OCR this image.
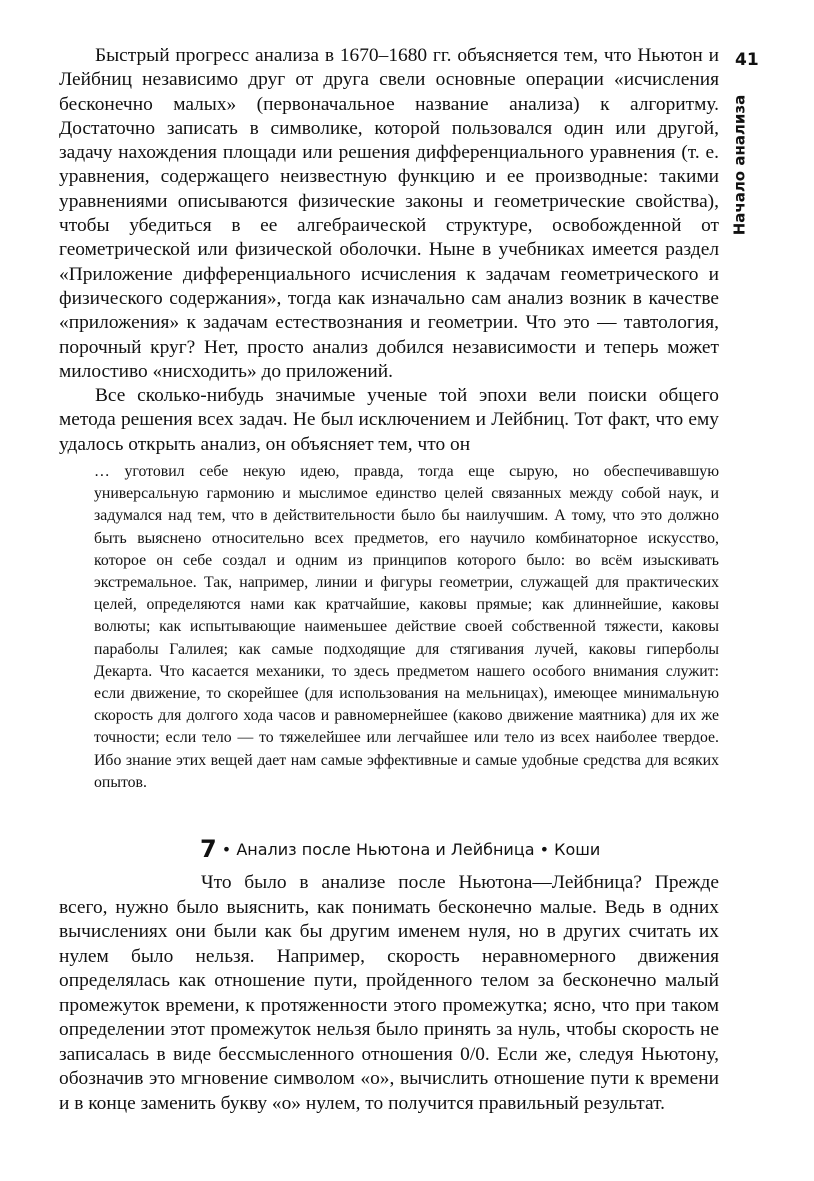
41
Начало анализа

Быстрый прогресс анализа в 1670–1680 гг. объясняется тем, что Ньютон и Лейбниц независимо друг от друга свели основные операции «исчисления бесконечно малых» (первоначальное название анализа) к алгоритму. Достаточно записать в символике, которой пользовался один или другой, задачу нахождения площади или решения дифференциального уравнения (т. е. уравнения, содержащего неизвестную функцию и ее производные: такими уравнениями описываются физические законы и геометрические свойства), чтобы убедиться в ее алгебраической структуре, освобожденной от геометрической или физической оболочки. Ныне в учебниках имеется раздел «Приложение дифференциального исчисления к задачам геометрического и физического содержания», тогда как изначально сам анализ возник в качестве «приложения» к задачам естествознания и геометрии. Что это — тавтология, порочный круг? Нет, просто анализ добился независимости и теперь может милостиво «нисходить» до приложений.

Все сколько-нибудь значимые ученые той эпохи вели поиски общего метода решения всех задач. Не был исключением и Лейбниц. Тот факт, что ему удалось открыть анализ, он объясняет тем, что он

… уготовил себе некую идею, правда, тогда еще сырую, но обеспечивавшую универсальную гармонию и мыслимое единство целей связанных между собой наук, и задумался над тем, что в действительности было бы наилучшим. А тому, что это должно быть выяснено относительно всех предметов, его научило комбинаторное искусство, которое он себе создал и одним из принципов которого было: во всём изыскивать экстремальное. Так, например, линии и фигуры геометрии, служащей для практических целей, определяются нами как кратчайшие, каковы прямые; как длиннейшие, каковы волюты; как испытывающие наименьшее действие своей собственной тяжести, каковы параболы Галилея; как самые подходящие для стягивания лучей, каковы гиперболы Декарта. Что касается механики, то здесь предметом нашего особого внимания служит: если движение, то скорейшее (для использования на мельницах), имеющее минимальную скорость для долгого хода часов и равномернейшее (каково движение маятника) для их же точности; если тело — то тяжелейшее или легчайшее или тело из всех наиболее твердое. Ибо знание этих вещей дает нам самые эффективные и самые удобные средства для всяких опытов.

7 • Анализ после Ньютона и Лейбница • Коши

Что было в анализе после Ньютона—Лейбница? Прежде всего, нужно было выяснить, как понимать бесконечно малые. Ведь в одних вычислениях они были как бы другим именем нуля, но в других считать их нулем было нельзя. Например, скорость неравномерного движения определялась как отношение пути, пройденного телом за бесконечно малый промежуток времени, к протяженности этого промежутка; ясно, что при таком определении этот промежуток нельзя было принять за нуль, чтобы скорость не записалась в виде бессмысленного отношения 0/0. Если же, следуя Ньютону, обозначив это мгновение символом «о», вычислить отношение пути к времени и в конце заменить букву «о» нулем, то получится правильный результат.
